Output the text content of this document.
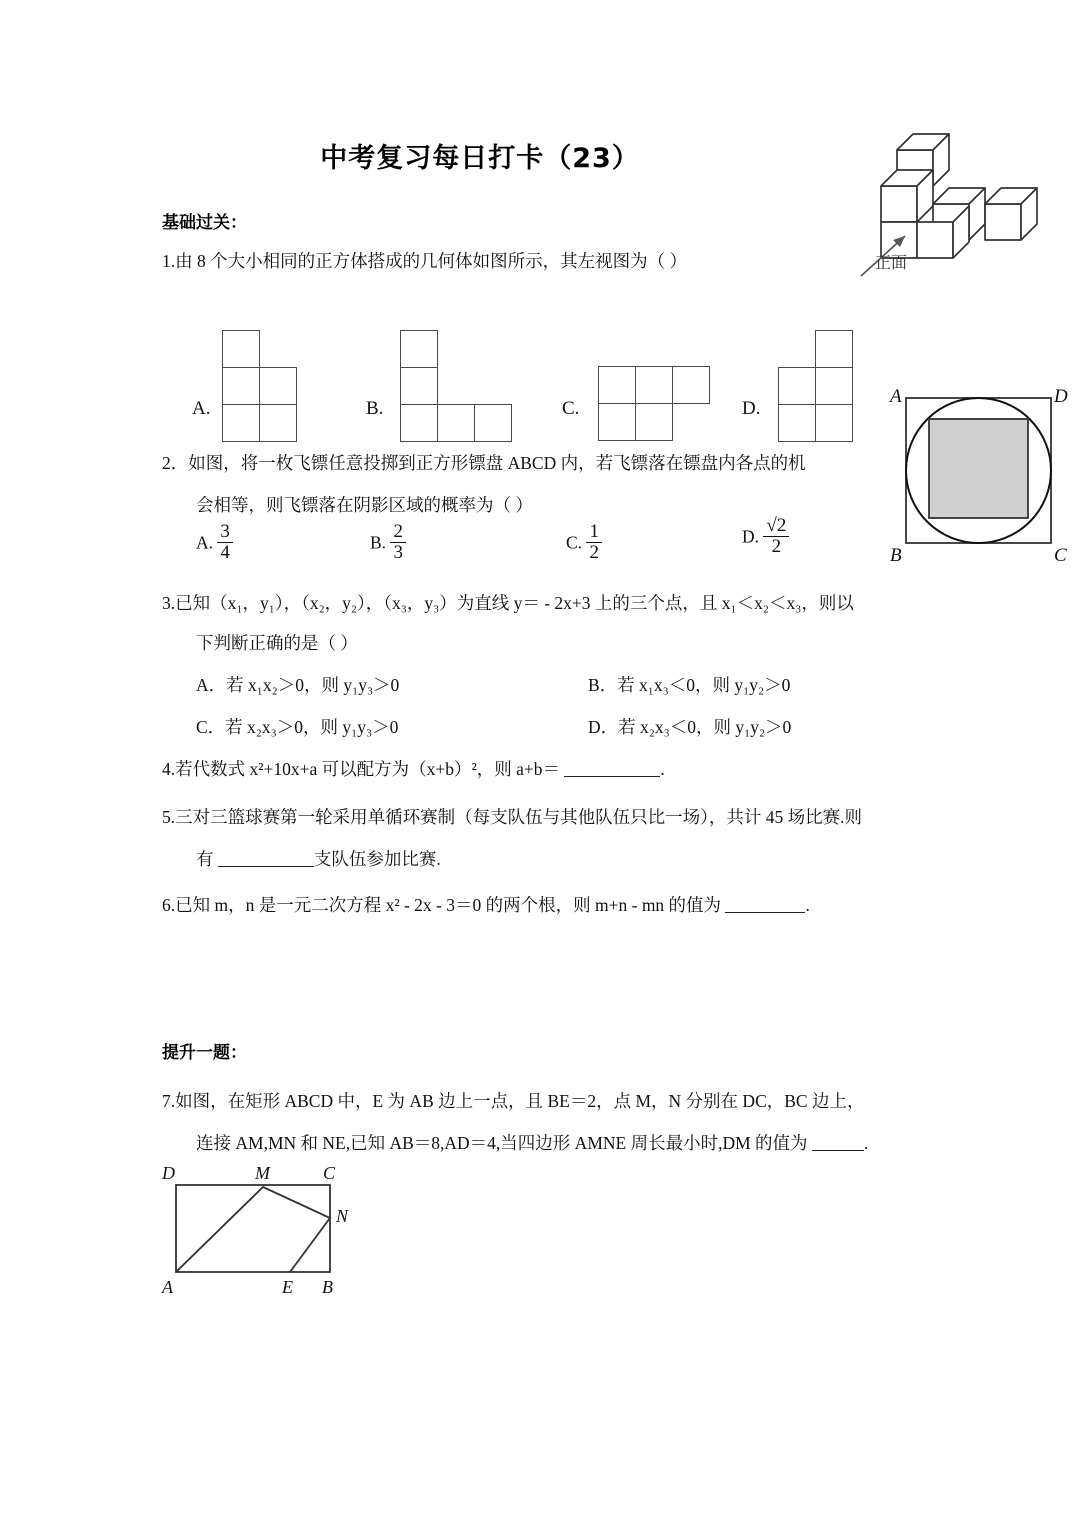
中考复习每日打卡（23）
正面
基础过关：
1.由 8 个大小相同的正方体搭成的几何体如图所示，其左视图为（ ）
A.	B.	C.	D.
2．如图，将一枚飞镖任意投掷到正方形镖盘 ABCD 内，若飞镖落在镖盘内各点的机
会相等，则飞镖落在阴影区域的概率为（ ）
A	D
B	C
A. $\frac{3}{4}$	B. $\frac{2}{3}$	C. $\frac{1}{2}$	D. $\frac{√2}{2}$
3.已知（x₁，y₁），（x₂，y₂），（x₃，y₃）为直线 y＝ - 2x+3 上的三个点，且 x₁＜x₂＜x₃，则以
下判断正确的是（ ）
A．若 x₁x₂＞0，则 y₁y₃＞0	B．若 x₁x₃＜0，则 y₁y₂＞0
C．若 x₂x₃＞0，则 y₁y₃＞0	D．若 x₂x₃＜0，则 y₁y₂＞0
4.若代数式 x²+10x+a 可以配方为（x+b）²，则 a+b＝	.
5.三对三篮球赛第一轮采用单循环赛制（每支队伍与其他队伍只比一场），共计 45 场比赛.则
有	支队伍参加比赛.
6.已知 m，n 是一元二次方程 x² - 2x - 3＝0 的两个根，则 m+n - mn 的值为	.
提升一题：
7.如图，在矩形 ABCD 中，E 为 AB 边上一点，且 BE＝2，点 M，N 分别在 DC，BC 边上，
连接 AM,MN 和 NE,已知 AB＝8,AD＝4,当四边形 AMNE 周长最小时,DM 的值为	.
A	B
E
D	C
M
N
